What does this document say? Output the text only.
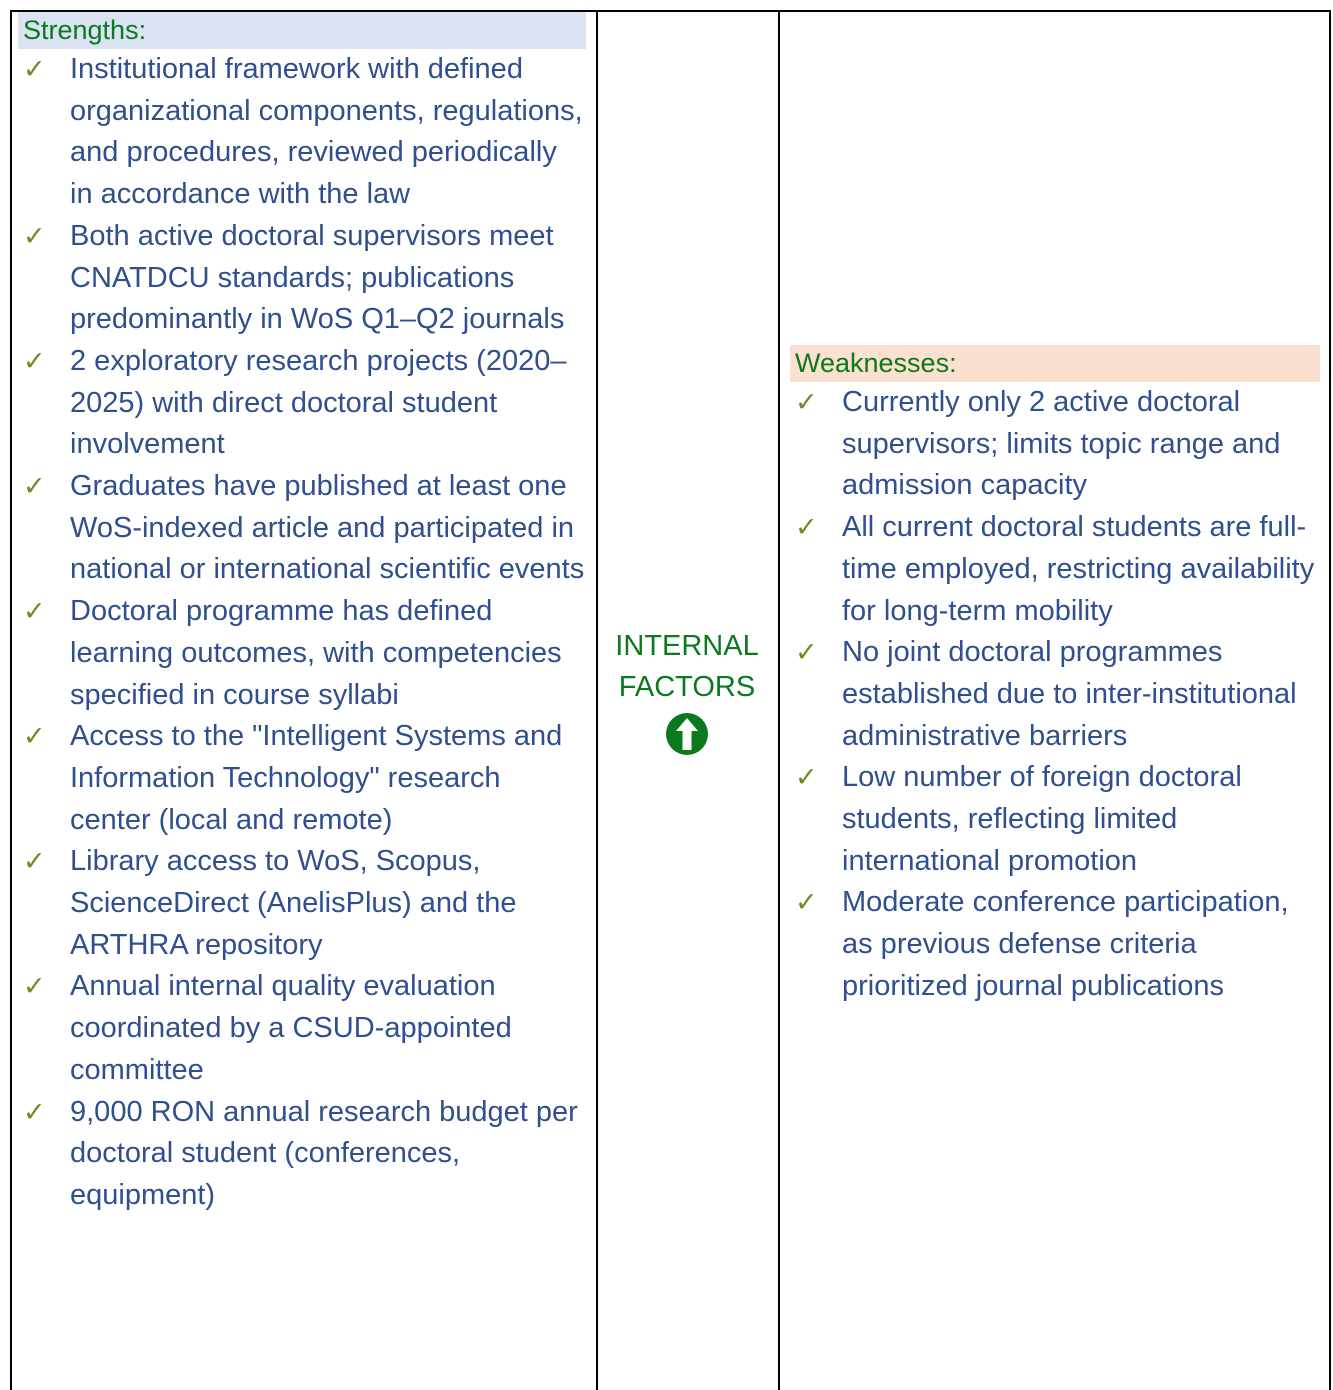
Strengths:
✓ Institutional framework with defined organizational components, regulations, and procedures, reviewed periodically in accordance with the law
✓ Both active doctoral supervisors meet CNATDCU standards; publications predominantly in WoS Q1–Q2 journals
✓ 2 exploratory research projects (2020–2025) with direct doctoral student involvement
✓ Graduates have published at least one WoS-indexed article and participated in national or international scientific events
✓ Doctoral programme has defined learning outcomes, with competencies specified in course syllabi
✓ Access to the "Intelligent Systems and Information Technology" research center (local and remote)
✓ Library access to WoS, Scopus, ScienceDirect (AnelisPlus) and the ARTHRA repository
✓ Annual internal quality evaluation coordinated by a CSUD-appointed committee
✓ 9,000 RON annual research budget per doctoral student (conferences, equipment)
INTERNAL
FACTORS
Weaknesses:
✓ Currently only 2 active doctoral supervisors; limits topic range and admission capacity
✓ All current doctoral students are full-time employed, restricting availability for long-term mobility
✓ No joint doctoral programmes established due to inter-institutional administrative barriers
✓ Low number of foreign doctoral students, reflecting limited international promotion
✓ Moderate conference participation, as previous defense criteria prioritized journal publications
